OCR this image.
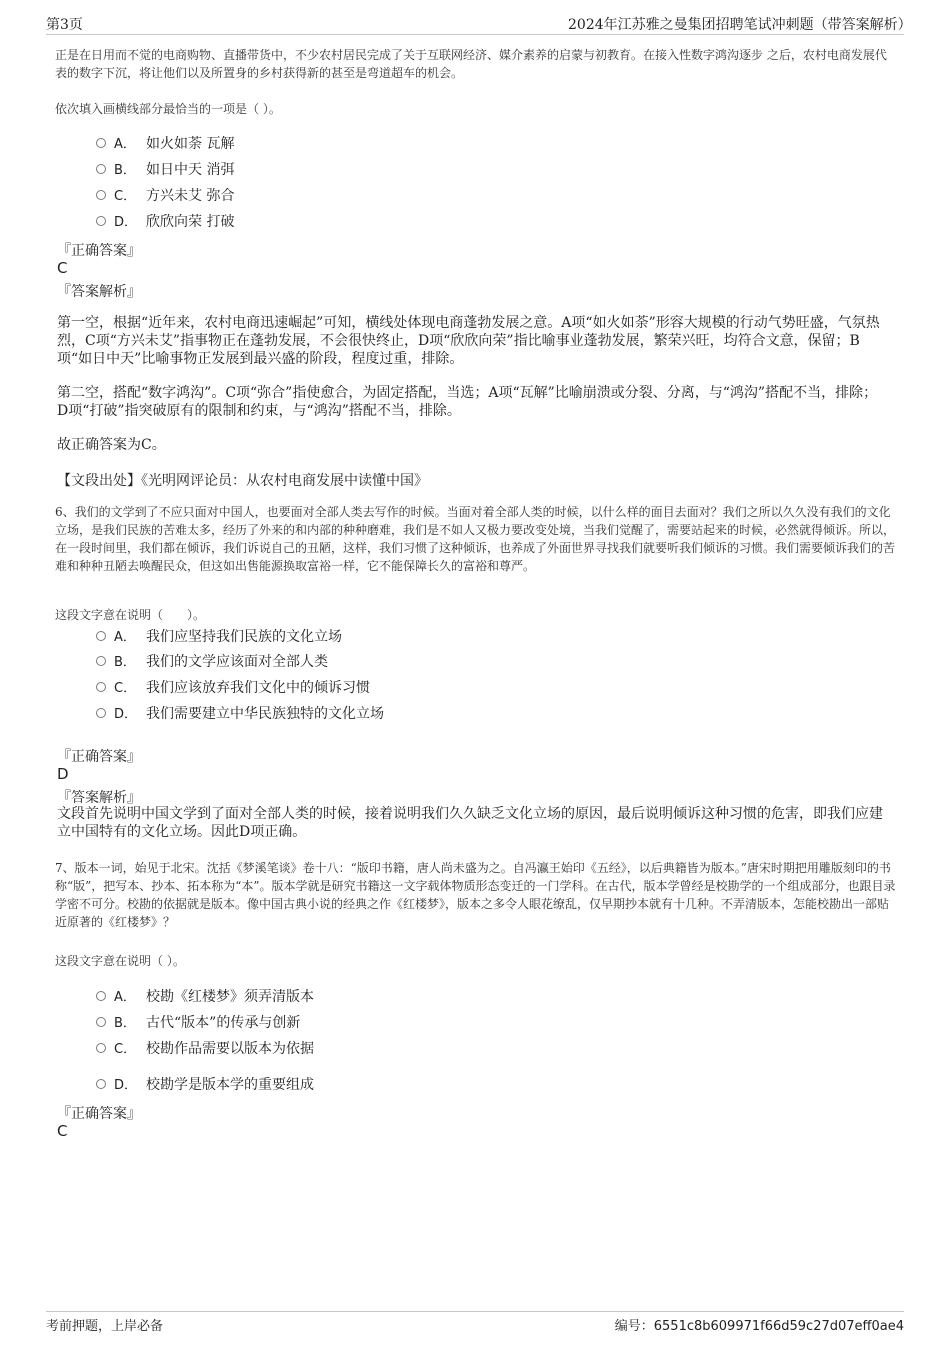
第3页	2024年江苏雅之曼集团招聘笔试冲刺题（带答案解析）
正是在日用而不觉的电商购物、直播带货中，不少农村居民完成了关于互联网经济、媒介素养的启蒙与初教育。在接入性数字鸿沟逐步 之后，农村电商发展代表的数字下沉，将让他们以及所置身的乡村获得新的甚至是弯道超车的机会。
依次填入画横线部分最恰当的一项是（ ）。
A． 如火如荼 瓦解
B． 如日中天 消弭
C． 方兴未艾 弥合
D． 欣欣向荣 打破
『正确答案』
C
『答案解析』
第一空，根据“近年来，农村电商迅速崛起”可知，横线处体现电商蓬勃发展之意。A项“如火如荼”形容大规模的行动气势旺盛，气氛热烈，C项“方兴未艾”指事物正在蓬勃发展，不会很快终止，D项“欣欣向荣”指比喻事业蓬勃发展，繁荣兴旺，均符合文意，保留；B项“如日中天”比喻事物正发展到最兴盛的阶段，程度过重，排除。
第二空，搭配“数字鸿沟”。C项“弥合”指使愈合，为固定搭配，当选；A项“瓦解”比喻崩溃或分裂、分离，与“鸿沟”搭配不当，排除；D项“打破”指突破原有的限制和约束，与“鸿沟”搭配不当，排除。
故正确答案为C。
【文段出处】《光明网评论员：从农村电商发展中读懂中国》
6、我们的文学到了不应只面对中国人，也要面对全部人类去写作的时候。当面对着全部人类的时候，以什么样的面目去面对？我们之所以久久没有我们的文化立场，是我们民族的苦难太多，经历了外来的和内部的种种磨难，我们是不如人又极力要改变处境，当我们觉醒了，需要站起来的时候，必然就得倾诉。所以，在一段时间里，我们都在倾诉，我们诉说自己的丑陋，这样，我们习惯了这种倾诉，也养成了外面世界寻找我们就要听我们倾诉的习惯。我们需要倾诉我们的苦难和种种丑陋去唤醒民众，但这如出售能源换取富裕一样，它不能保障长久的富裕和尊严。
这段文字意在说明（　　）。
A． 我们应坚持我们民族的文化立场
B． 我们的文学应该面对全部人类
C． 我们应该放弃我们文化中的倾诉习惯
D． 我们需要建立中华民族独特的文化立场
『正确答案』
D
『答案解析』
文段首先说明中国文学到了面对全部人类的时候，接着说明我们久久缺乏文化立场的原因，最后说明倾诉这种习惯的危害，即我们应建立中国特有的文化立场。因此D项正确。
7、版本一词，始见于北宋。沈括《梦溪笔谈》卷十八：“版印书籍，唐人尚未盛为之。自冯瀛王始印《五经》，以后典籍皆为版本。”唐宋时期把用雕版刻印的书称“版”，把写本、抄本、拓本称为“本”。版本学就是研究书籍这一文字载体物质形态变迁的一门学科。在古代，版本学曾经是校勘学的一个组成部分，也跟目录学密不可分。校勘的依据就是版本。像中国古典小说的经典之作《红楼梦》，版本之多令人眼花缭乱，仅早期抄本就有十几种。不弄清版本，怎能校勘出一部贴近原著的《红楼梦》？
这段文字意在说明（ ）。
A． 校勘《红楼梦》须弄清版本
B． 古代“版本”的传承与创新
C． 校勘作品需要以版本为依据
D． 校勘学是版本学的重要组成
『正确答案』
C
考前押题，上岸必备	编号：6551c8b609971f66d59c27d07eff0ae4
